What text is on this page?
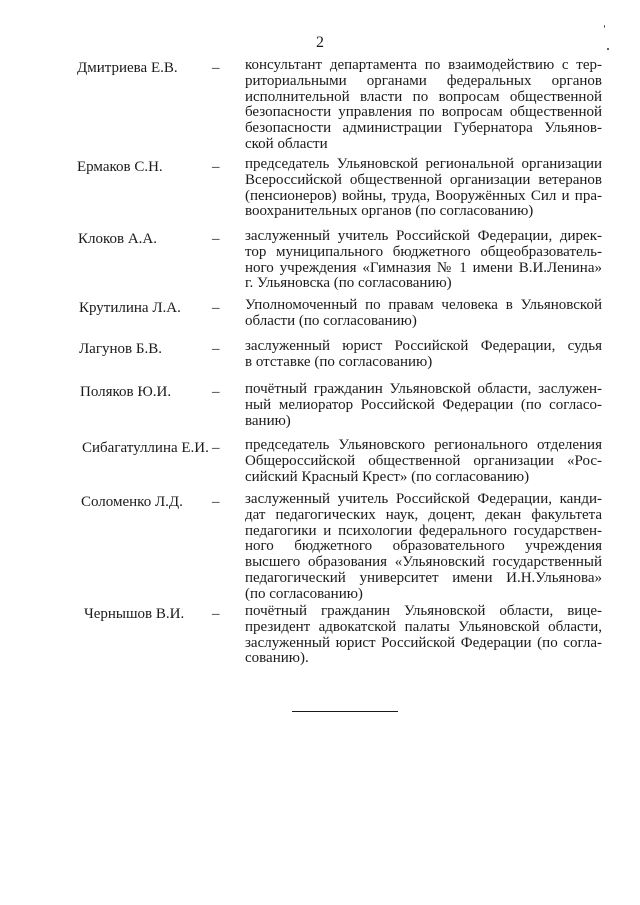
2
Дмитриева Е.В. – консультант департамента по взаимодействию с тер-
риториальными органами федеральных органов
исполнительной власти по вопросам общественной
безопасности управления по вопросам общественной
безопасности администрации Губернатора Ульянов-
ской области
Ермаков С.Н.	– председатель Ульяновской региональной организации
Всероссийской общественной организации ветеранов
(пенсионеров) войны, труда, Вооружённых Сил и пра-
воохранительных органов (по согласованию)
Клоков А.А.	– заслуженный учитель Российской Федерации, дирек-
тор муниципального бюджетного общеобразователь-
ного учреждения «Гимназия № 1 имени В.И.Ленина»
г. Ульяновска (по согласованию)
Крутилина Л.А. – Уполномоченный по правам человека в Ульяновской
области (по согласованию)
Лагунов Б.В.	– заслуженный юрист Российской Федерации, судья
в отставке (по согласованию)
Поляков Ю.И.	– почётный гражданин Ульяновской области, заслужен-
ный мелиоратор Российской Федерации (по согласо-
ванию)
Сибагатуллина Е.И. – председатель Ульяновского регионального отделения
Общероссийской общественной организации «Рос-
сийский Красный Крест» (по согласованию)
Соломенко Л.Д. – заслуженный учитель Российской Федерации, канди-
дат педагогических наук, доцент, декан факультета
педагогики и психологии федерального государствен-
ного бюджетного образовательного учреждения
высшего образования «Ульяновский государственный
педагогический университет имени И.Н.Ульянова»
(по согласованию)
Чернышов В.И. – почётный гражданин Ульяновской области, вице-
президент адвокатской палаты Ульяновской области,
заслуженный юрист Российской Федерации (по согла-
сованию).
